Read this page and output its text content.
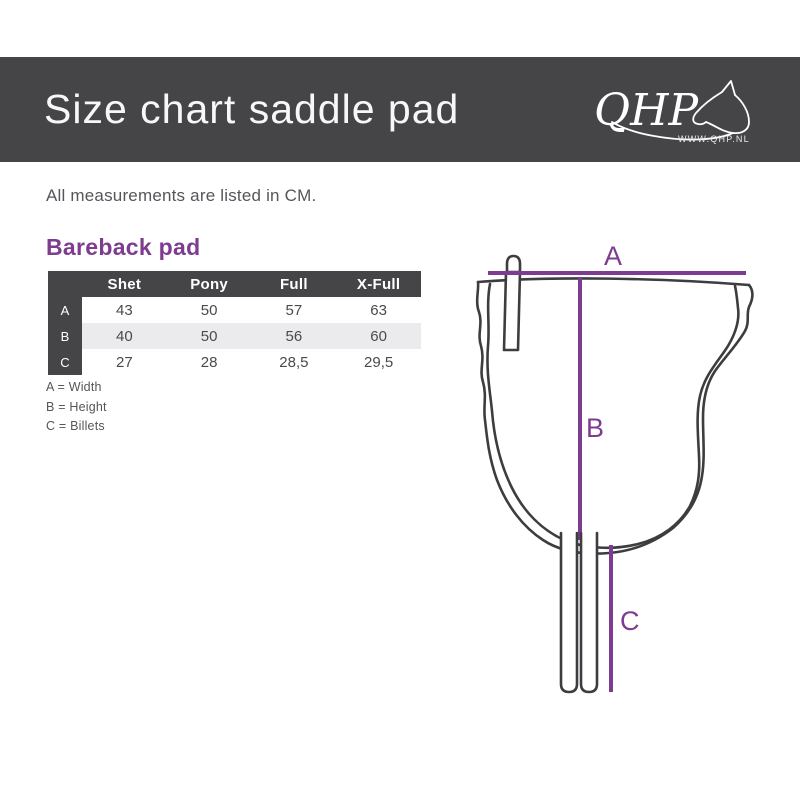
Size chart saddle pad	QHP
WWW.QHP.NL
All measurements are listed in CM.
Bareback pad
	Shet	Pony	Full	X-Full
A	43	50	57	63
B	40	50	56	60
C	27	28	28,5	29,5
A = Width
B = Height
C = Billets
A
B
C
